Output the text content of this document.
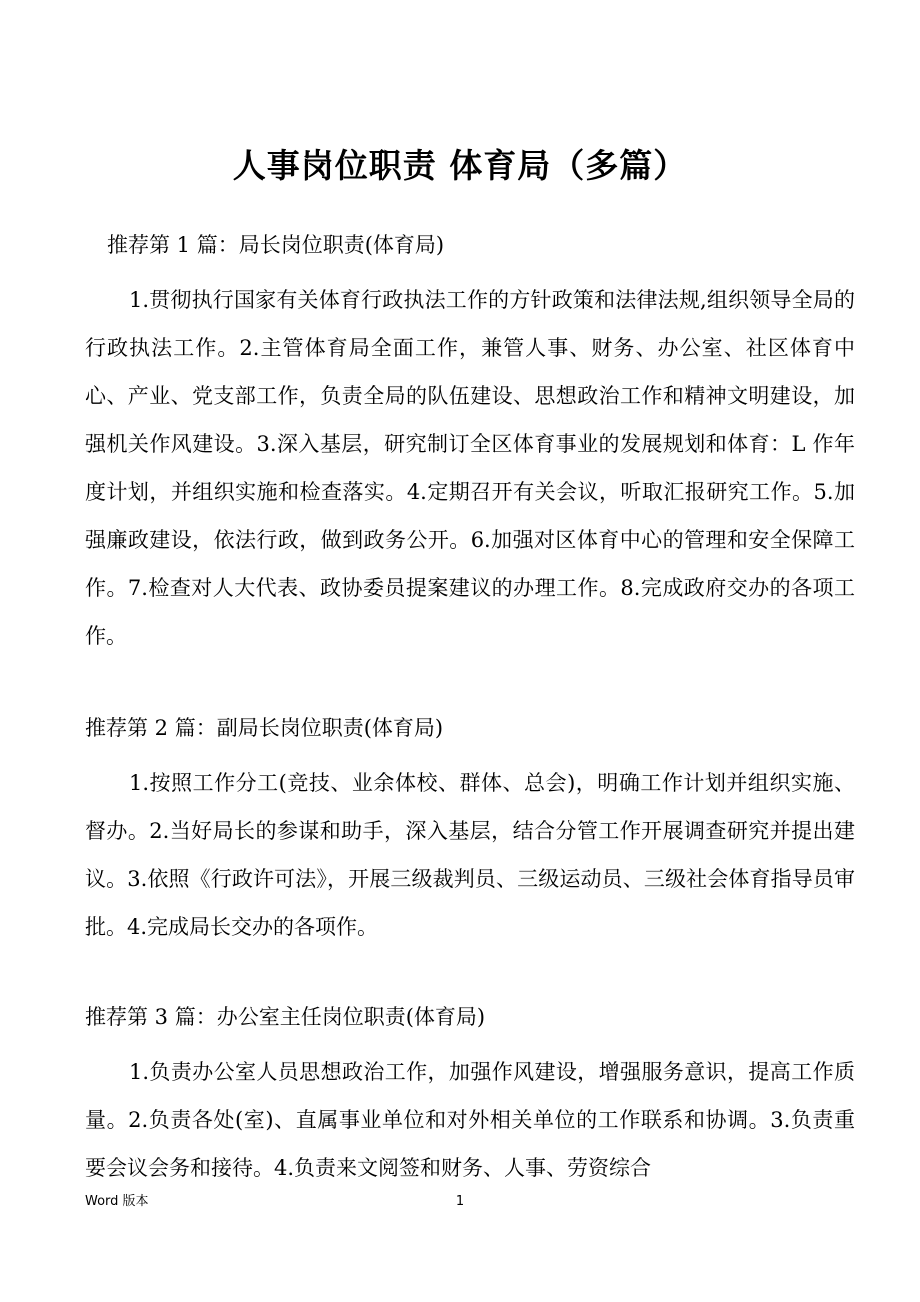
人事岗位职责 体育局（多篇）

推荐第 1 篇：局长岗位职责(体育局)

1.贯彻执行国家有关体育行政执法工作的方针政策和法律法规,组织领导全局的行政执法工作。2.主管体育局全面工作，兼管人事、财务、办公室、社区体育中心、产业、党支部工作，负责全局的队伍建设、思想政治工作和精神文明建设，加强机关作风建设。3.深入基层，研究制订全区体育事业的发展规划和体育：L 作年度计划，并组织实施和检查落实。4.定期召开有关会议，听取汇报研究工作。5.加强廉政建设，依法行政，做到政务公开。6.加强对区体育中心的管理和安全保障工作。7.检查对人大代表、政协委员提案建议的办理工作。8.完成政府交办的各项工作。

推荐第 2 篇：副局长岗位职责(体育局)

1.按照工作分工(竞技、业余体校、群体、总会)，明确工作计划并组织实施、督办。2.当好局长的参谋和助手，深入基层，结合分管工作开展调查研究并提出建议。3.依照《行政许可法》，开展三级裁判员、三级运动员、三级社会体育指导员审批。4.完成局长交办的各项作。

推荐第 3 篇：办公室主任岗位职责(体育局)

1.负责办公室人员思想政治工作，加强作风建设，增强服务意识，提高工作质量。2.负责各处(室)、直属事业单位和对外相关单位的工作联系和协调。3.负责重要会议会务和接待。4.负责来文阅签和财务、人事、劳资综合

Word 版本	1
